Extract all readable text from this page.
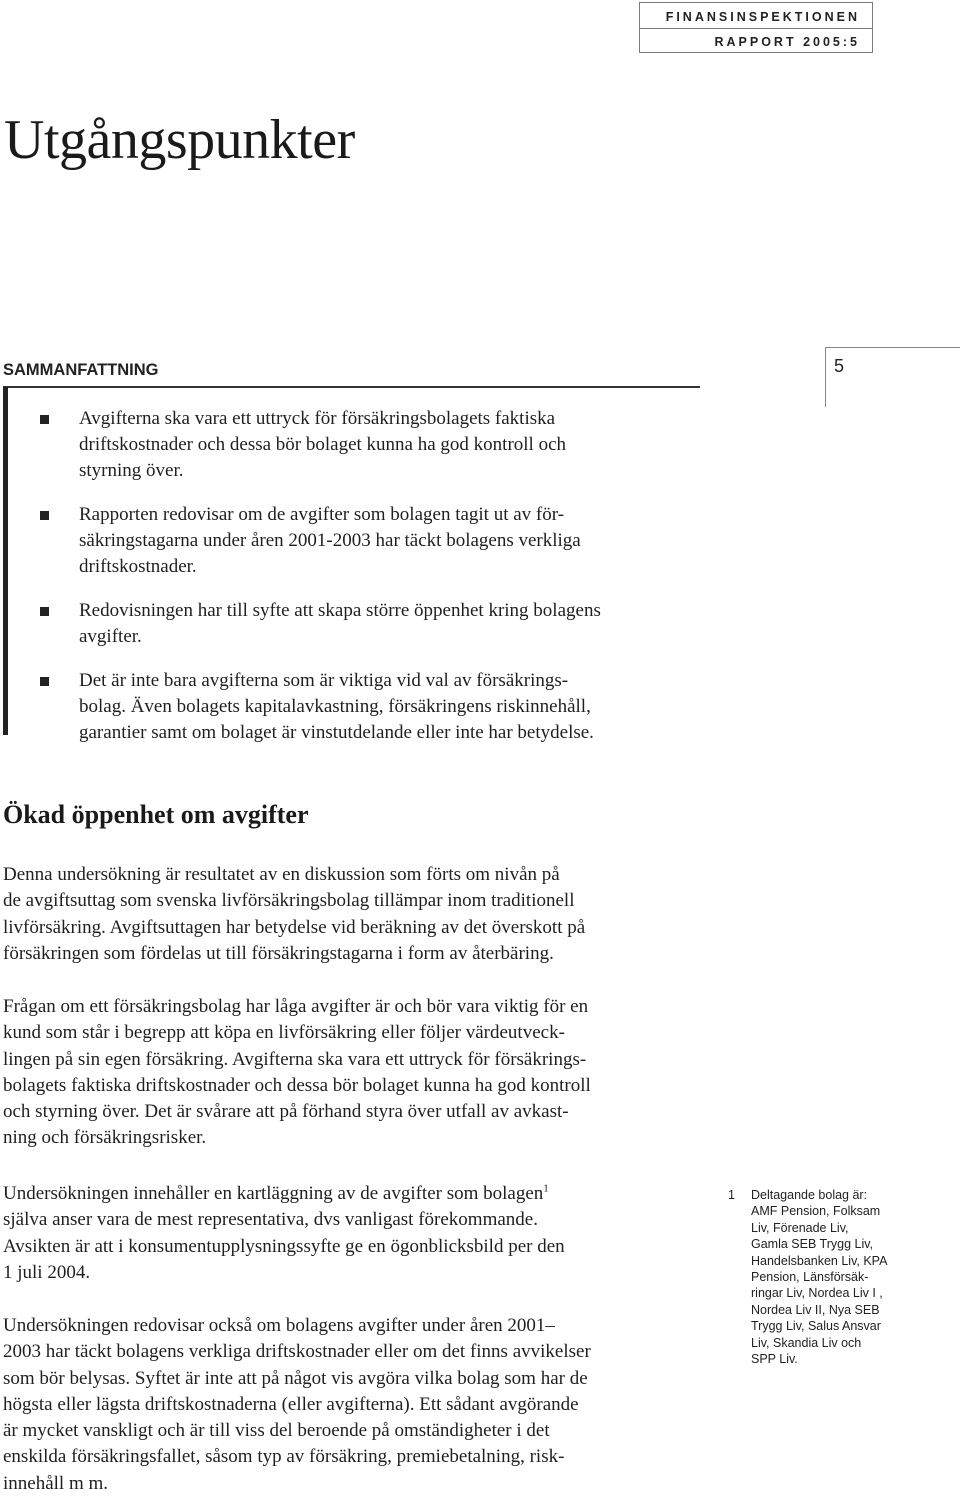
FINANSINSPEKTIONEN
RAPPORT 2005:5
Utgångspunkter
5
SAMMANFATTNING
Avgifterna ska vara ett uttryck för försäkringsbolagets faktiska
driftskostnader och dessa bör bolaget kunna ha god kontroll och
styrning över.
Rapporten redovisar om de avgifter som bolagen tagit ut av för-
säkringstagarna under åren 2001-2003 har täckt bolagens verkliga
driftskostnader.
Redovisningen har till syfte att skapa större öppenhet kring bolagens
avgifter.
Det är inte bara avgifterna som är viktiga vid val av försäkrings-
bolag. Även bolagets kapitalavkastning, försäkringens riskinnehåll,
garantier samt om bolaget är vinstutdelande eller inte har betydelse.
Ökad öppenhet om avgifter

Denna undersökning är resultatet av en diskussion som förts om nivån på
de avgiftsuttag som svenska livförsäkringsbolag tillämpar inom traditionell
livförsäkring. Avgiftsuttagen har betydelse vid beräkning av det överskott på
försäkringen som fördelas ut till försäkringstagarna i form av återbäring.

Frågan om ett försäkringsbolag har låga avgifter är och bör vara viktig för en
kund som står i begrepp att köpa en livförsäkring eller följer värdeutveck-
lingen på sin egen försäkring. Avgifterna ska vara ett uttryck för försäkrings-
bolagets faktiska driftskostnader och dessa bör bolaget kunna ha god kontroll
och styrning över. Det är svårare att på förhand styra över utfall av avkast-
ning och försäkringsrisker.

Undersökningen innehåller en kartläggning av de avgifter som bolagen$^1$
själva anser vara de mest representativa, dvs vanligast förekommande.
Avsikten är att i konsumentupplysningssyfte ge en ögonblicksbild per den
1 juli 2004.

Undersökningen redovisar också om bolagens avgifter under åren 2001–
2003 har täckt bolagens verkliga driftskostnader eller om det finns avvikelser
som bör belysas. Syftet är inte att på något vis avgöra vilka bolag som har de
högsta eller lägsta driftskostnaderna (eller avgifterna). Ett sådant avgörande
är mycket vanskligt och är till viss del beroende på omständigheter i det
enskilda försäkringsfallet, såsom typ av försäkring, premiebetalning, risk-
innehåll m m.

1 Deltagande bolag är:
AMF Pension, Folksam
Liv, Förenade Liv,
Gamla SEB Trygg Liv,
Handelsbanken Liv, KPA
Pension, Länsförsäk-
ringar Liv, Nordea Liv I ,
Nordea Liv II, Nya SEB
Trygg Liv, Salus Ansvar
Liv, Skandia Liv och
SPP Liv.
